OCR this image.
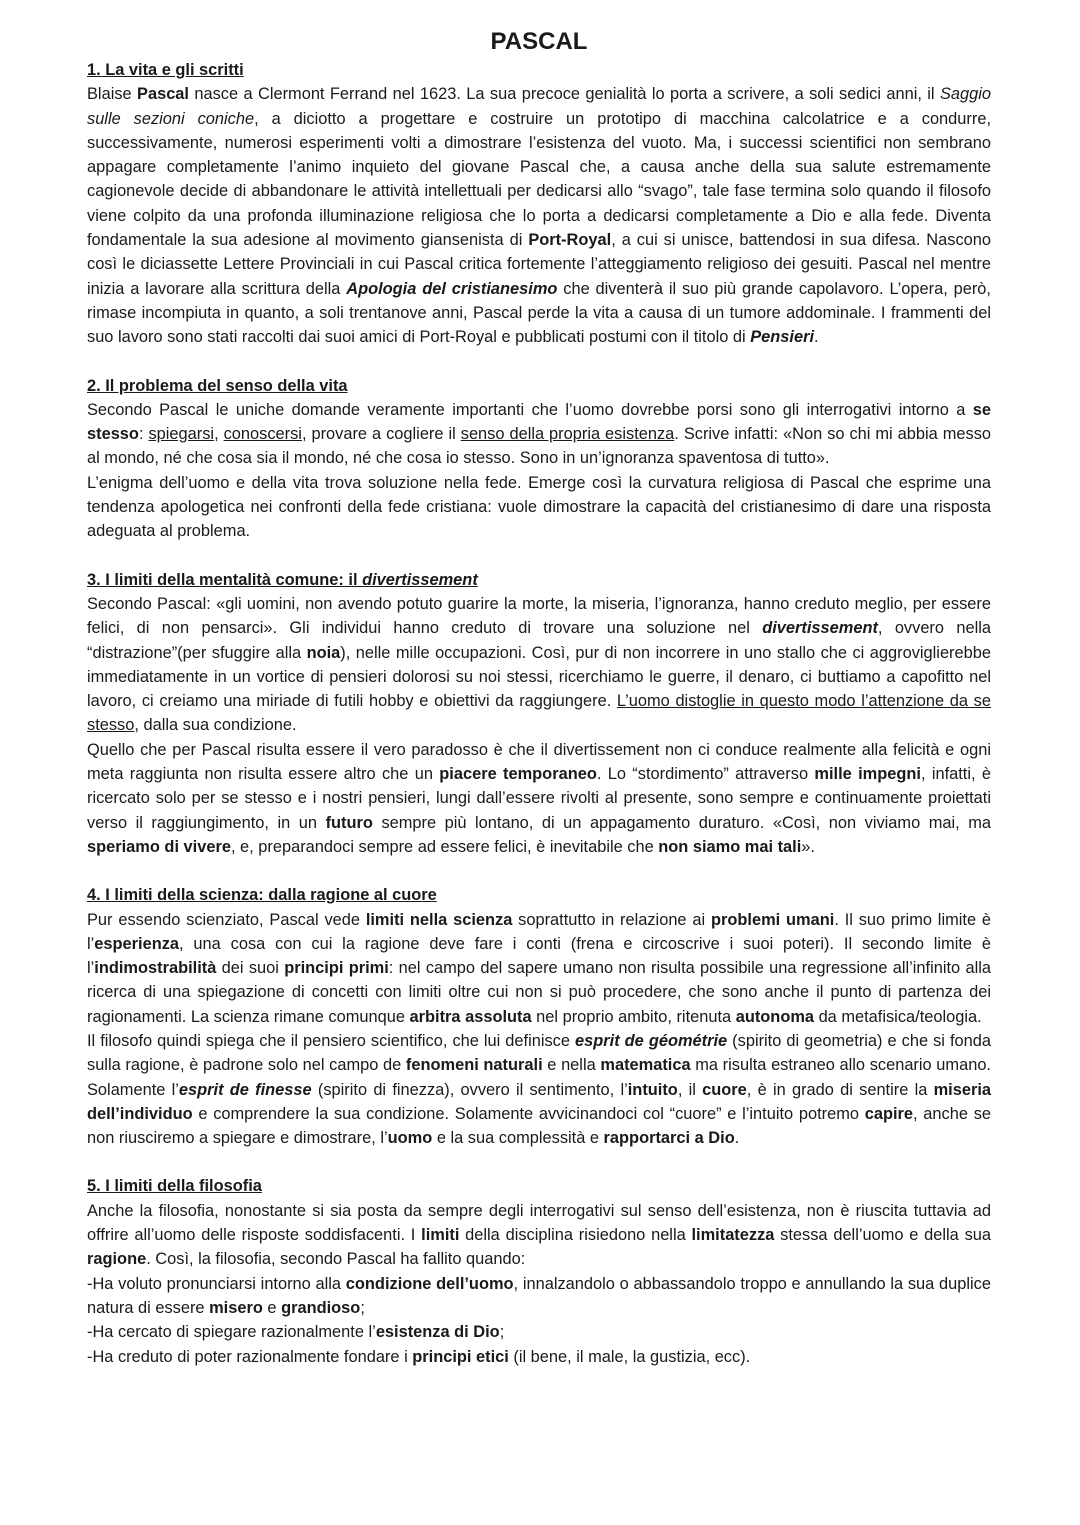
PASCAL
1. La vita e gli scritti

Blaise Pascal nasce a Clermont Ferrand nel 1623. La sua precoce genialità lo porta a scrivere, a soli sedici anni, il Saggio sulle sezioni coniche, a diciotto a progettare e costruire un prototipo di macchina calcolatrice e a condurre, successivamente, numerosi esperimenti volti a dimostrare l’esistenza del vuoto. Ma, i successi scientifici non sembrano appagare completamente l’animo inquieto del giovane Pascal che, a causa anche della sua salute estremamente cagionevole decide di abbandonare le attività intellettuali per dedicarsi allo “svago”, tale fase termina solo quando il filosofo viene colpito da una profonda illuminazione religiosa che lo porta a dedicarsi completamente a Dio e alla fede. Diventa fondamentale la sua adesione al movimento giansenista di Port-Royal, a cui si unisce, battendosi in sua difesa. Nascono così le diciassette Lettere Provinciali in cui Pascal critica fortemente l’atteggiamento religioso dei gesuiti. Pascal nel mentre inizia a lavorare alla scrittura della Apologia del cristianesimo che diventerà il suo più grande capolavoro. L’opera, però, rimase incompiuta in quanto, a soli trentanove anni, Pascal perde la vita a causa di un tumore addominale. I frammenti del suo lavoro sono stati raccolti dai suoi amici di Port-Royal e pubblicati postumi con il titolo di Pensieri.

2. Il problema del senso della vita

Secondo Pascal le uniche domande veramente importanti che l’uomo dovrebbe porsi sono gli interrogativi intorno a se stesso: spiegarsi, conoscersi, provare a cogliere il senso della propria esistenza. Scrive infatti: «Non so chi mi abbia messo al mondo, né che cosa sia il mondo, né che cosa io stesso. Sono in un’ignoranza spaventosa di tutto».

L’enigma dell’uomo e della vita trova soluzione nella fede. Emerge così la curvatura religiosa di Pascal che esprime una tendenza apologetica nei confronti della fede cristiana: vuole dimostrare la capacità del cristianesimo di dare una risposta adeguata al problema.

3. I limiti della mentalità comune: il divertissement

Secondo Pascal: «gli uomini, non avendo potuto guarire la morte, la miseria, l’ignoranza, hanno creduto meglio, per essere felici, di non pensarci». Gli individui hanno creduto di trovare una soluzione nel divertissement, ovvero nella “distrazione”(per sfuggire alla noia), nelle mille occupazioni. Così, pur di non incorrere in uno stallo che ci aggroviglierebbe immediatamente in un vortice di pensieri dolorosi su noi stessi, ricerchiamo le guerre, il denaro, ci buttiamo a capofitto nel lavoro, ci creiamo una miriade di futili hobby e obiettivi da raggiungere. L’uomo distoglie in questo modo l’attenzione da se stesso, dalla sua condizione.

Quello che per Pascal risulta essere il vero paradosso è che il divertissement non ci conduce realmente alla felicità e ogni meta raggiunta non risulta essere altro che un piacere temporaneo. Lo “stordimento” attraverso mille impegni, infatti, è ricercato solo per se stesso e i nostri pensieri, lungi dall’essere rivolti al presente, sono sempre e continuamente proiettati verso il raggiungimento, in un futuro sempre più lontano, di un appagamento duraturo. «Così, non viviamo mai, ma speriamo di vivere, e, preparandoci sempre ad essere felici, è inevitabile che non siamo mai tali».

4. I limiti della scienza: dalla ragione al cuore

Pur essendo scienziato, Pascal vede limiti nella scienza soprattutto in relazione ai problemi umani. Il suo primo limite è l’esperienza, una cosa con cui la ragione deve fare i conti (frena e circoscrive i suoi poteri). Il secondo limite è l’indimostrabilità dei suoi principi primi: nel campo del sapere umano non risulta possibile una regressione all’infinito alla ricerca di una spiegazione di concetti con limiti oltre cui non si può procedere, che sono anche il punto di partenza dei ragionamenti. La scienza rimane comunque arbitra assoluta nel proprio ambito, ritenuta autonoma da metafisica/teologia.

Il filosofo quindi spiega che il pensiero scientifico, che lui definisce esprit de géométrie (spirito di geometria) e che si fonda sulla ragione, è padrone solo nel campo de fenomeni naturali e nella matematica ma risulta estraneo allo scenario umano. Solamente l’esprit de finesse (spirito di finezza), ovvero il sentimento, l’intuito, il cuore, è in grado di sentire la miseria dell’individuo e comprendere la sua condizione. Solamente avvicinandoci col “cuore” e l’intuito potremo capire, anche se non riusciremo a spiegare e dimostrare, l’uomo e la sua complessità e rapportarci a Dio.

5. I limiti della filosofia

Anche la filosofia, nonostante si sia posta da sempre degli interrogativi sul senso dell’esistenza, non è riuscita tuttavia ad offrire all’uomo delle risposte soddisfacenti. I limiti della disciplina risiedono nella limitatezza stessa dell’uomo e della sua ragione. Così, la filosofia, secondo Pascal ha fallito quando:

-Ha voluto pronunciarsi intorno alla condizione dell’uomo, innalzandolo o abbassandolo troppo e annullando la sua duplice natura di essere misero e grandioso;

-Ha cercato di spiegare razionalmente l’esistenza di Dio;

-Ha creduto di poter razionalmente fondare i principi etici (il bene, il male, la gustizia, ecc).
